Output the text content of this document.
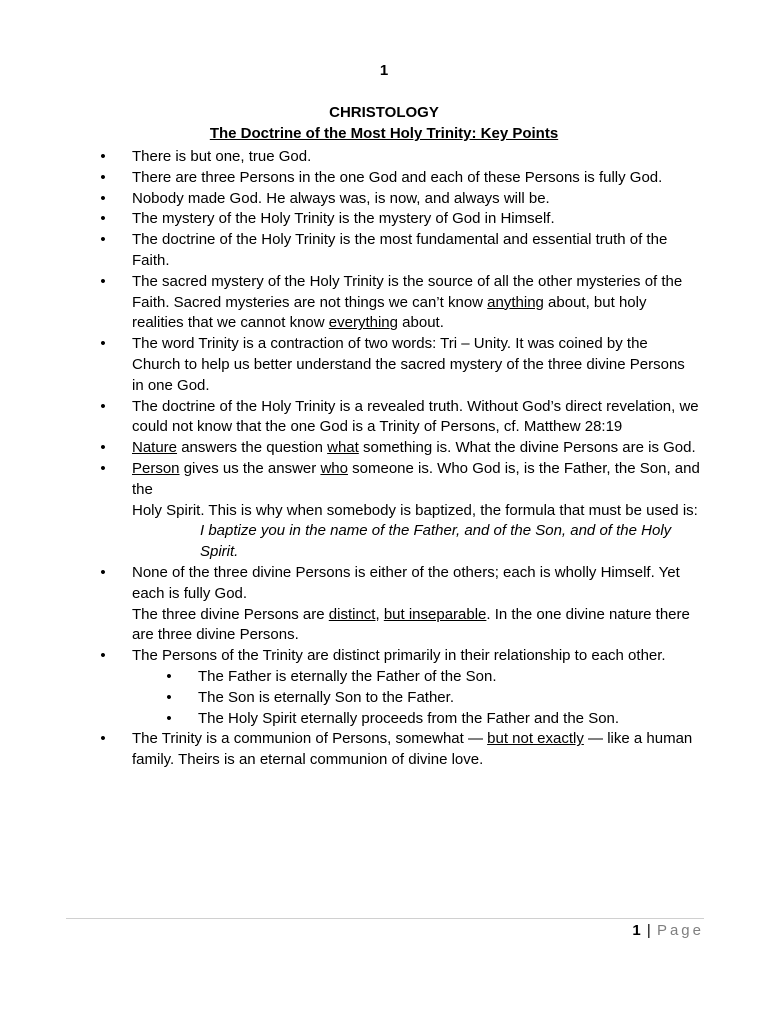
1
CHRISTOLOGY
The Doctrine of the Most Holy Trinity: Key Points
• There is but one, true God.
• There are three Persons in the one God and each of these Persons is fully God.
• Nobody made God. He always was, is now, and always will be.
• The mystery of the Holy Trinity is the mystery of God in Himself.
• The doctrine of the Holy Trinity is the most fundamental and essential truth of the Faith.
• The sacred mystery of the Holy Trinity is the source of all the other mysteries of the Faith. Sacred mysteries are not things we can’t know anything about, but holy realities that we cannot know everything about.
• The word Trinity is a contraction of two words: Tri – Unity. It was coined by the Church to help us better understand the sacred mystery of the three divine Persons in one God.
• The doctrine of the Holy Trinity is a revealed truth. Without God’s direct revelation, we could not know that the one God is a Trinity of Persons, cf. Matthew 28:19
• Nature answers the question what something is. What the divine Persons are is God.
• Person gives us the answer who someone is. Who God is, is the Father, the Son, and the
Holy Spirit. This is why when somebody is baptized, the formula that must be used is:
I baptize you in the name of the Father, and of the Son, and of the Holy Spirit.
• None of the three divine Persons is either of the others; each is wholly Himself. Yet each is fully God.
The three divine Persons are distinct, but inseparable. In the one divine nature there are three divine Persons.
• The Persons of the Trinity are distinct primarily in their relationship to each other.
• The Father is eternally the Father of the Son.
• The Son is eternally Son to the Father.
• The Holy Spirit eternally proceeds from the Father and the Son.
• The Trinity is a communion of Persons, somewhat — but not exactly — like a human family. Theirs is an eternal communion of divine love.
1 | Page
